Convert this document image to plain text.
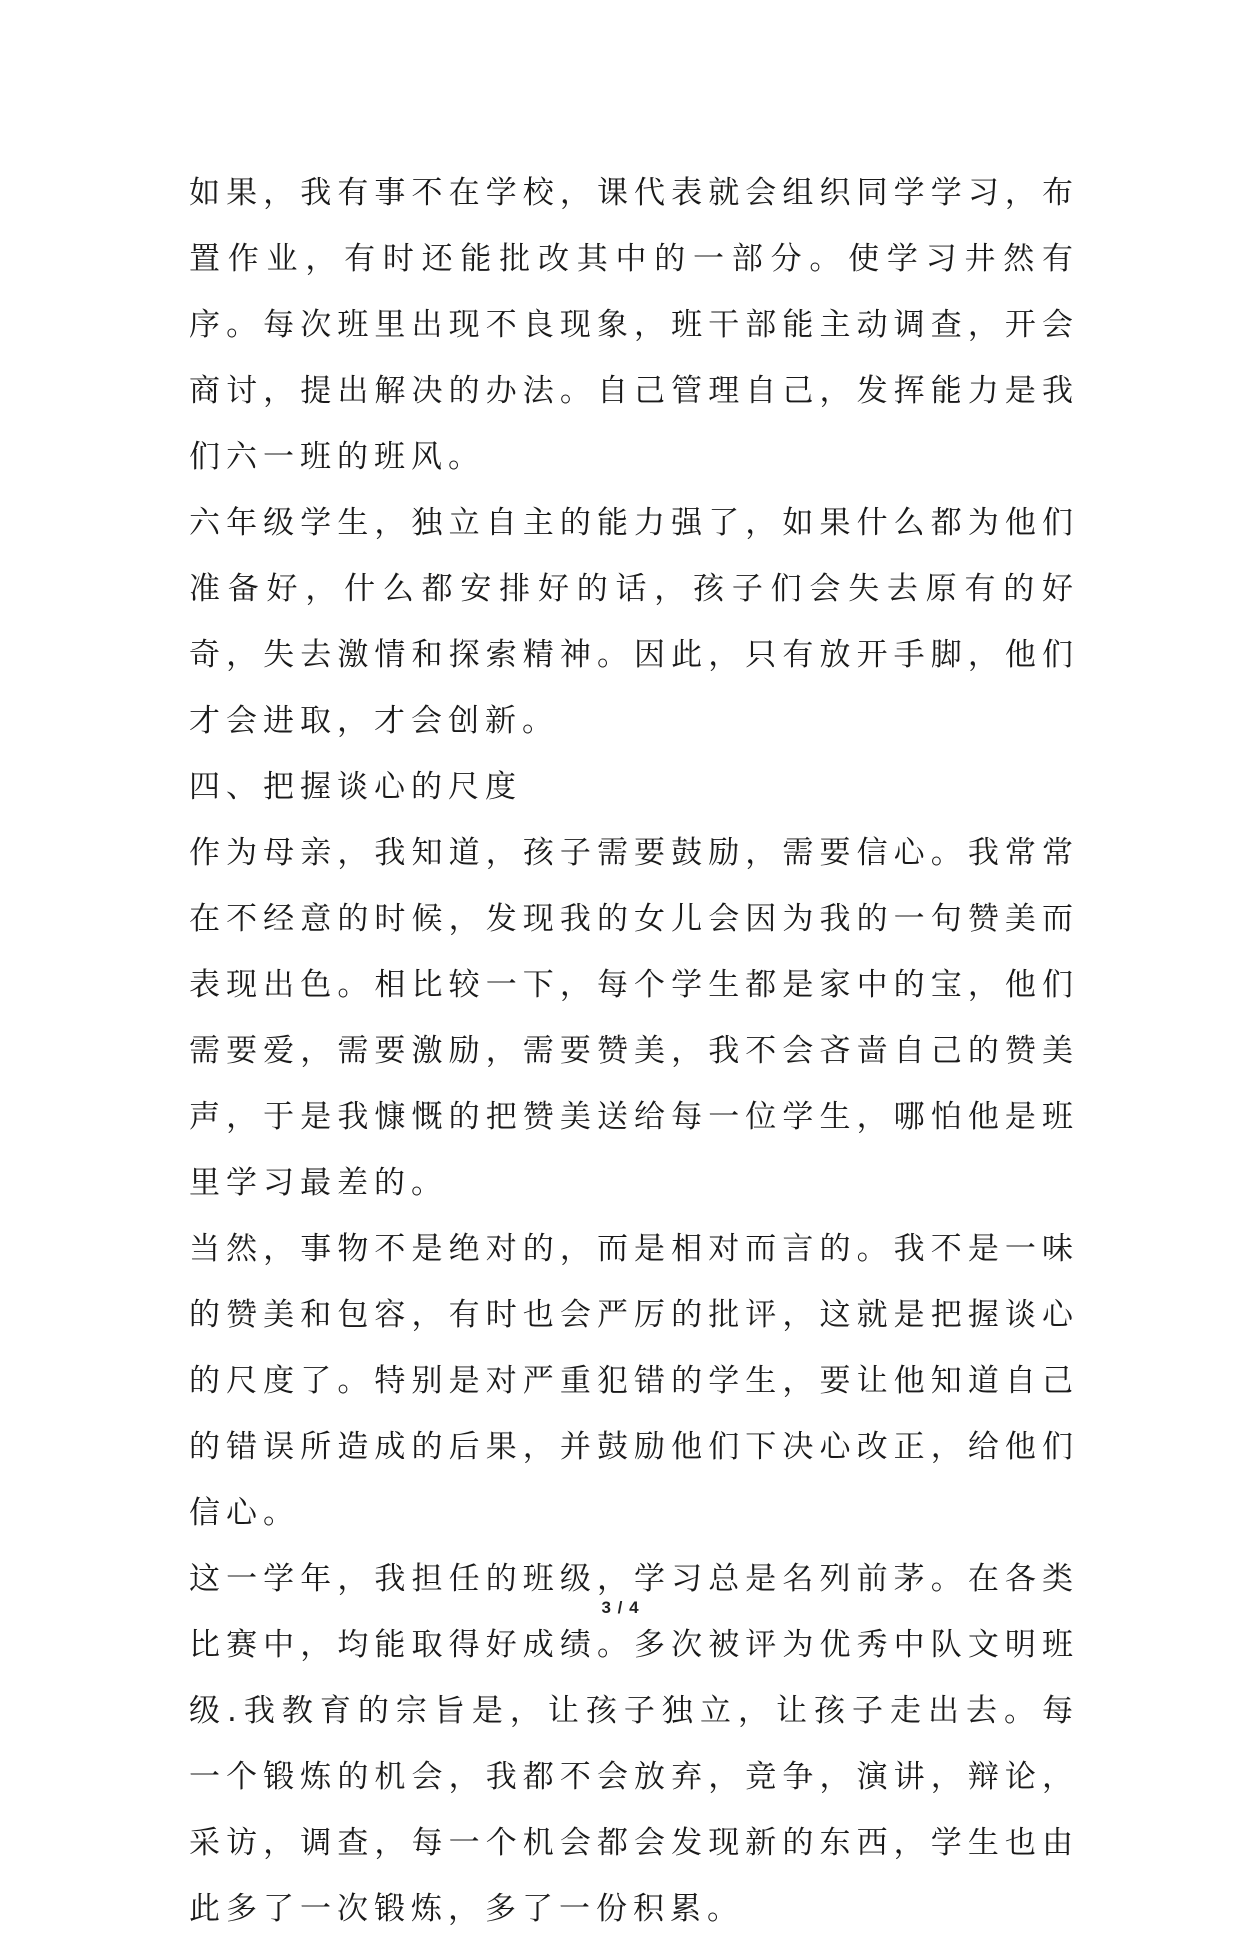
如果，我有事不在学校，课代表就会组织同学学习，布置作业，有时还能批改其中的一部分。使学习井然有序。每次班里出现不良现象，班干部能主动调查，开会商讨，提出解决的办法。自己管理自己，发挥能力是我们六一班的班风。

六年级学生，独立自主的能力强了，如果什么都为他们准备好，什么都安排好的话，孩子们会失去原有的好奇，失去激情和探索精神。因此，只有放开手脚，他们才会进取，才会创新。

四、把握谈心的尺度

作为母亲，我知道，孩子需要鼓励，需要信心。我常常在不经意的时候，发现我的女儿会因为我的一句赞美而表现出色。相比较一下，每个学生都是家中的宝，他们需要爱，需要激励，需要赞美，我不会吝啬自己的赞美声，于是我慷慨的把赞美送给每一位学生，哪怕他是班里学习最差的。

当然，事物不是绝对的，而是相对而言的。我不是一味的赞美和包容，有时也会严厉的批评，这就是把握谈心的尺度了。特别是对严重犯错的学生，要让他知道自己的错误所造成的后果，并鼓励他们下决心改正，给他们信心。

这一学年，我担任的班级，学习总是名列前茅。在各类比赛中，均能取得好成绩。多次被评为优秀中队文明班级.我教育的宗旨是，让孩子独立，让孩子走出去。每一个锻炼的机会，我都不会放弃，竞争，演讲，辩论，采访，调查，每一个机会都会发现新的东西，学生也由此多了一次锻炼，多了一份积累。

3 / 4
